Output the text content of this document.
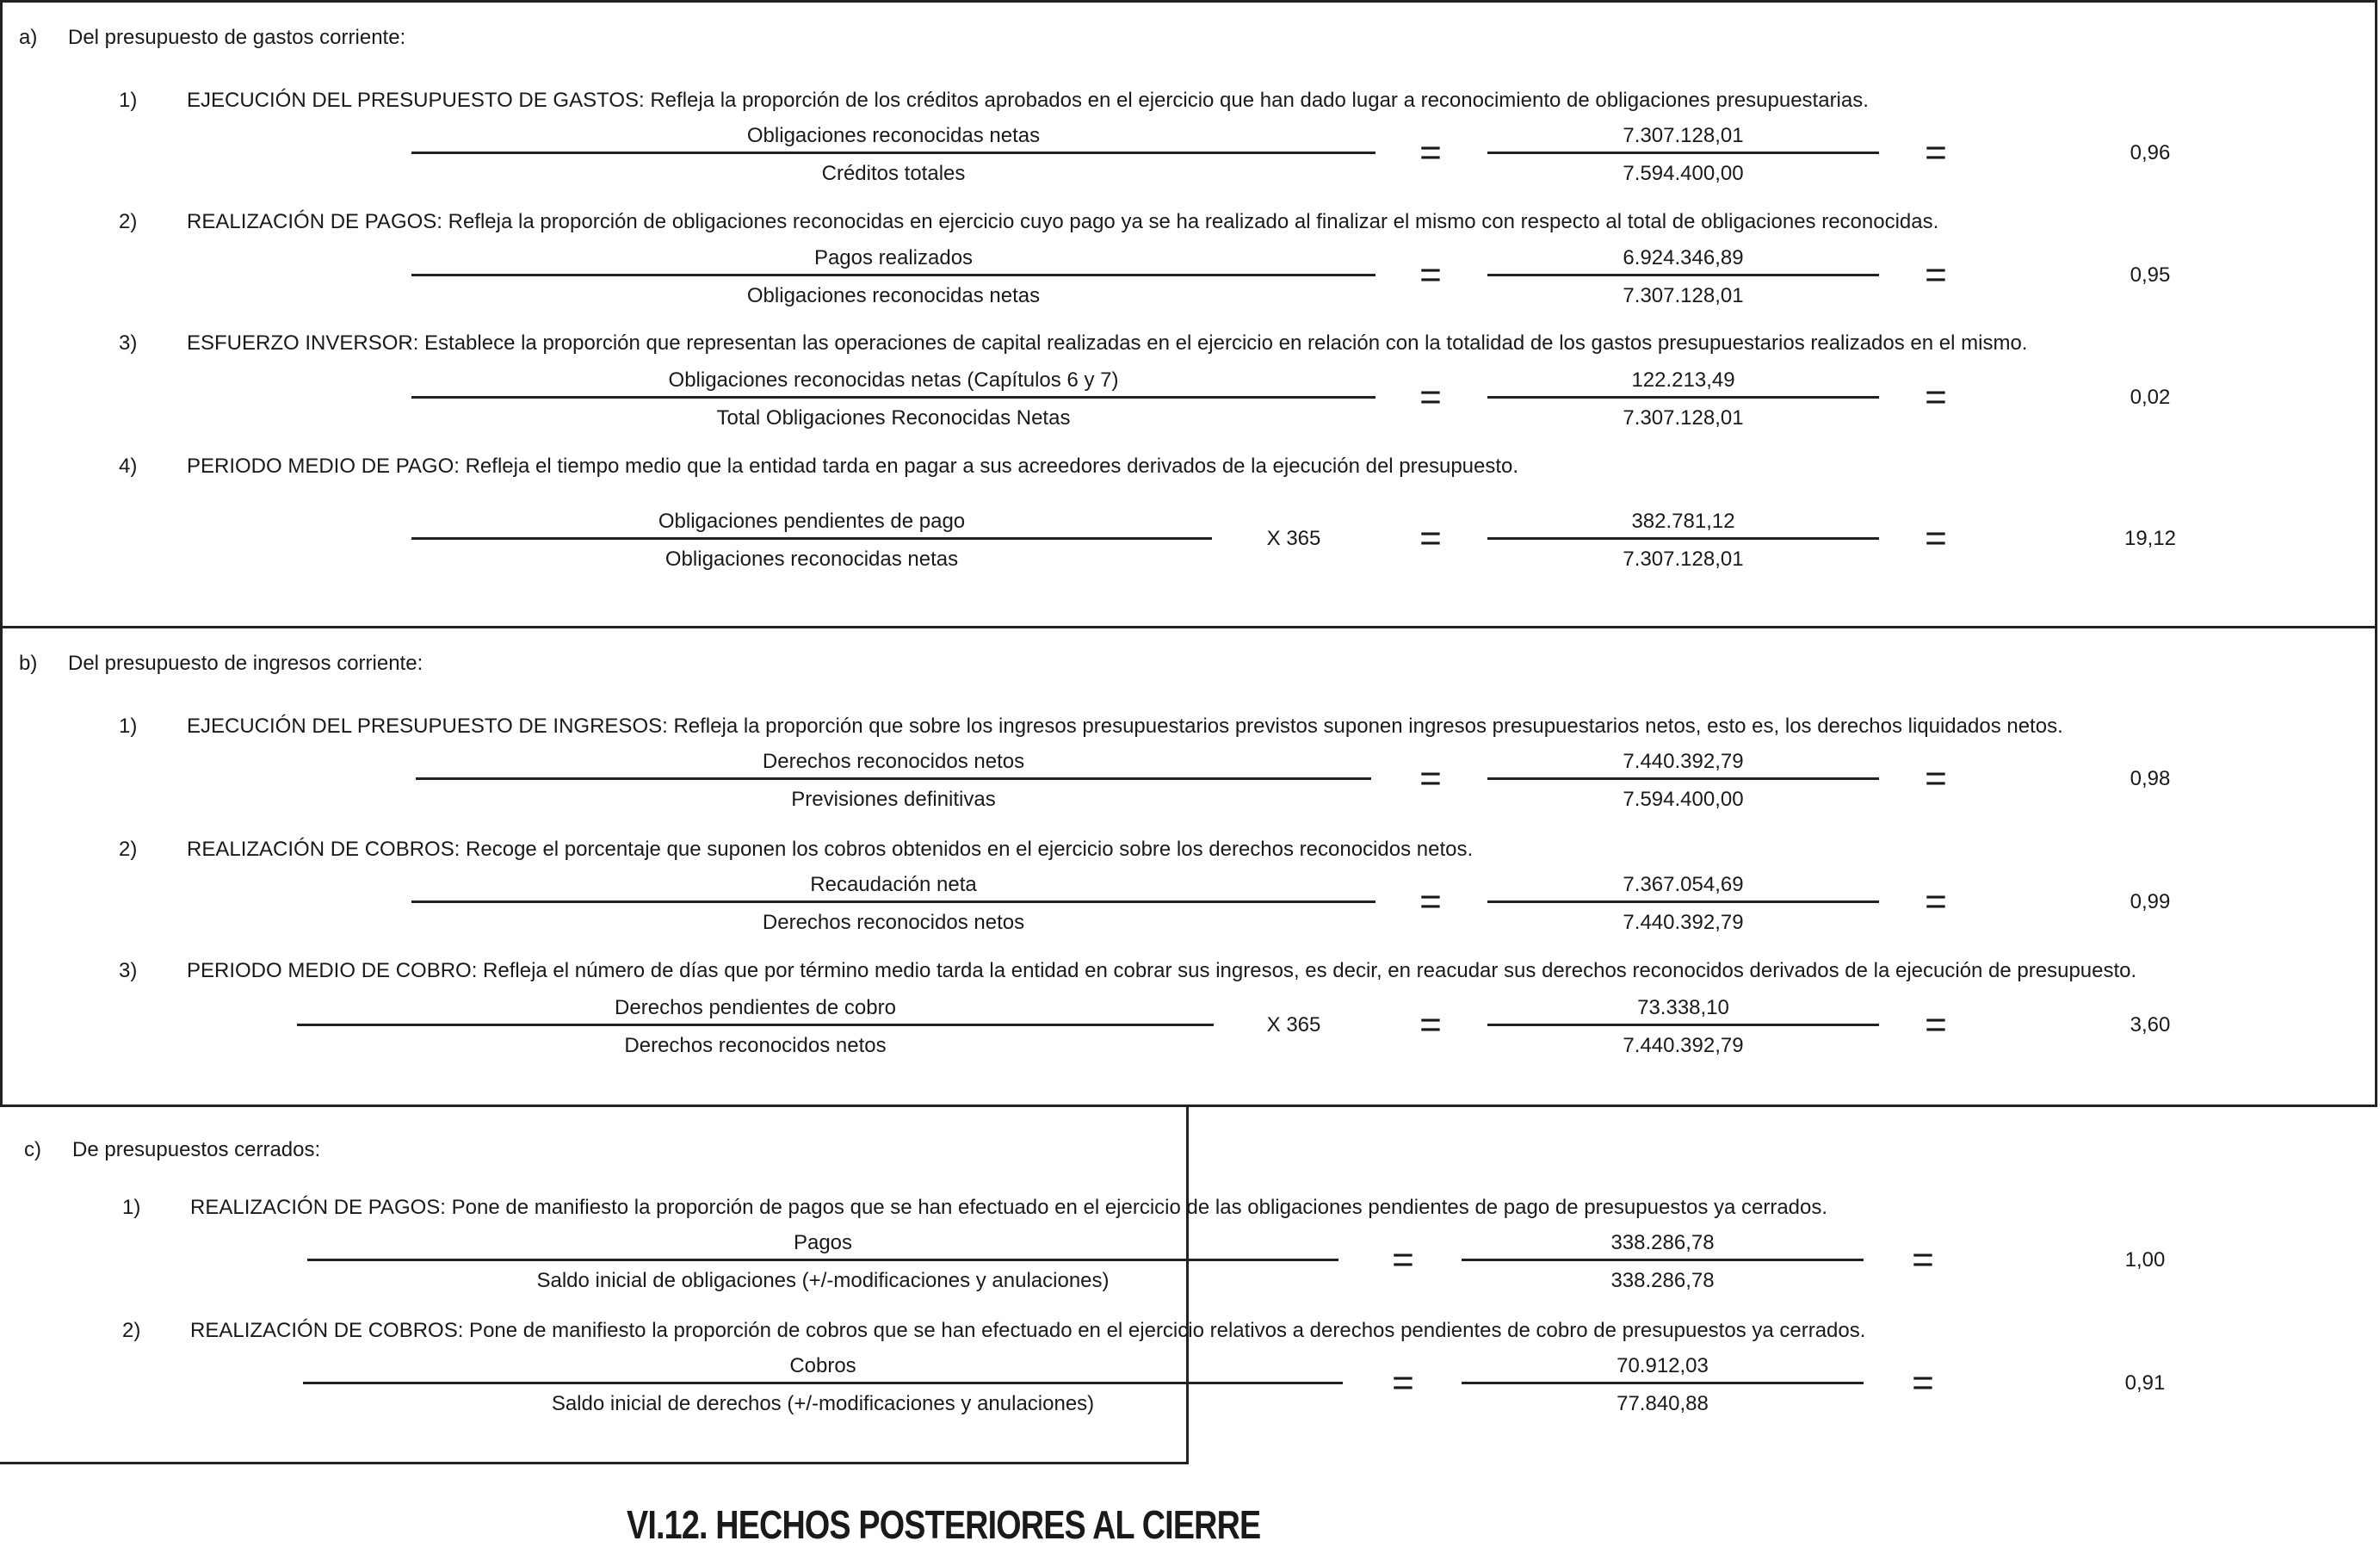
a) Del presupuesto de gastos corriente:
1) EJECUCIÓN DEL PRESUPUESTO DE GASTOS: Refleja la proporción de los créditos aprobados en el ejercicio que han dado lugar a reconocimiento de obligaciones presupuestarias.
Obligaciones reconocidas netas
Créditos totales	=	7.307.128,01
7.594.400,00	=	0,96
2) REALIZACIÓN DE PAGOS: Refleja la proporción de obligaciones reconocidas en ejercicio cuyo pago ya se ha realizado al finalizar el mismo con respecto al total de obligaciones reconocidas.
Pagos realizados
Obligaciones reconocidas netas	=	6.924.346,89
7.307.128,01	=	0,95
3) ESFUERZO INVERSOR: Establece la proporción que representan las operaciones de capital realizadas en el ejercicio en relación con la totalidad de los gastos presupuestarios realizados en el mismo.
Obligaciones reconocidas netas (Capítulos 6 y 7)
Total Obligaciones Reconocidas Netas	=	122.213,49
7.307.128,01	=	0,02
4) PERIODO MEDIO DE PAGO: Refleja el tiempo medio que la entidad tarda en pagar a sus acreedores derivados de la ejecución del presupuesto.
Obligaciones pendientes de pago
Obligaciones reconocidas netas
X 365	=	382.781,12
7.307.128,01	=	19,12
b) Del presupuesto de ingresos corriente:
1) EJECUCIÓN DEL PRESUPUESTO DE INGRESOS: Refleja la proporción que sobre los ingresos presupuestarios previstos suponen ingresos presupuestarios netos, esto es, los derechos liquidados netos.
Derechos reconocidos netos
Previsiones definitivas	=	7.440.392,79
7.594.400,00	=	0,98
2) REALIZACIÓN DE COBROS: Recoge el porcentaje que suponen los cobros obtenidos en el ejercicio sobre los derechos reconocidos netos.
Recaudación neta
Derechos reconocidos netos	=	7.367.054,69
7.440.392,79	=	0,99
3) PERIODO MEDIO DE COBRO: Refleja el número de días que por término medio tarda la entidad en cobrar sus ingresos, es decir, en reacudar sus derechos reconocidos derivados de la ejecución de presupuesto.
Derechos pendientes de cobro
Derechos reconocidos netos
X 365	=	73.338,10
7.440.392,79	=	3,60
c) De presupuestos cerrados:
1) REALIZACIÓN DE PAGOS: Pone de manifiesto la proporción de pagos que se han efectuado en el ejercicio de las obligaciones pendientes de pago de presupuestos ya cerrados.
Pagos
Saldo inicial de obligaciones (+/-modificaciones y anulaciones)	=	338.286,78
338.286,78	=	1,00
2) REALIZACIÓN DE COBROS: Pone de manifiesto la proporción de cobros que se han efectuado en el ejercicio relativos a derechos pendientes de cobro de presupuestos ya cerrados.
Cobros
Saldo inicial de derechos (+/-modificaciones y anulaciones)	=	70.912,03
77.840,88	=	0,91
VI.12. HECHOS POSTERIORES AL CIERRE
